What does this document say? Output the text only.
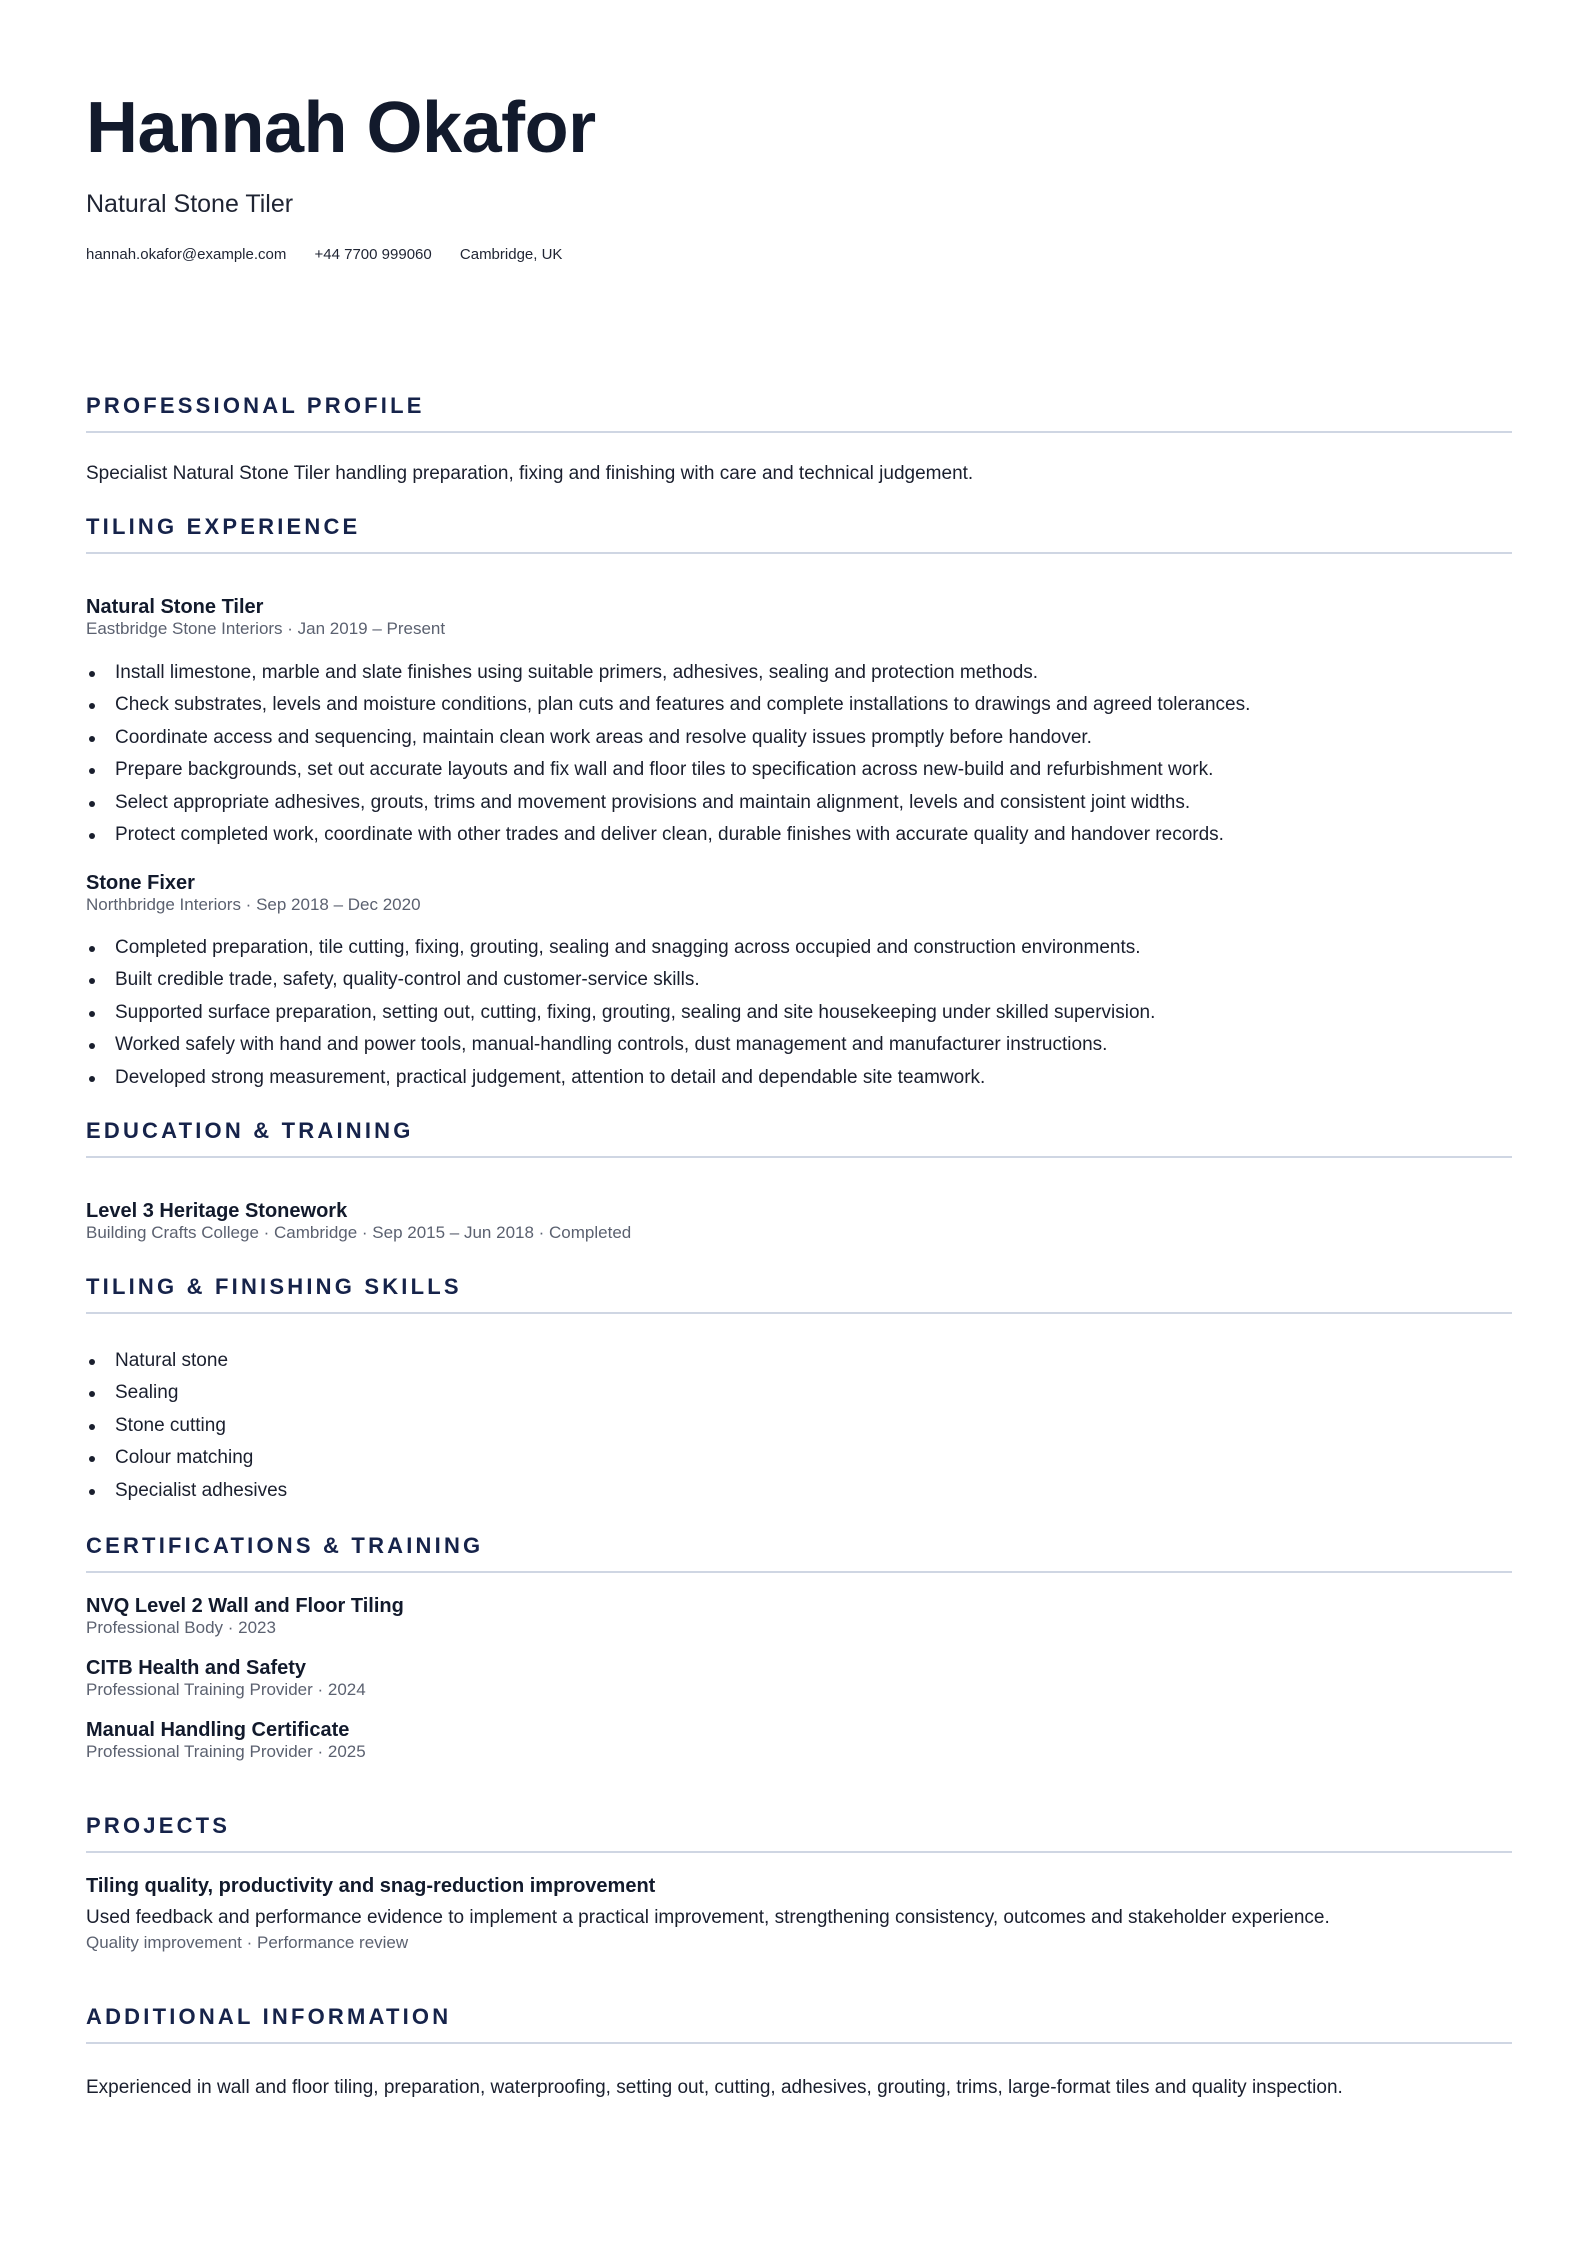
Hannah Okafor
Natural Stone Tiler
hannah.okafor@example.com +44 7700 999060 Cambridge, UK
PROFESSIONAL PROFILE
Specialist Natural Stone Tiler handling preparation, fixing and finishing with care and technical judgement.
TILING EXPERIENCE
Natural Stone Tiler
Eastbridge Stone Interiors · Jan 2019 – Present
Install limestone, marble and slate finishes using suitable primers, adhesives, sealing and protection methods.
Check substrates, levels and moisture conditions, plan cuts and features and complete installations to drawings and agreed tolerances.
Coordinate access and sequencing, maintain clean work areas and resolve quality issues promptly before handover.
Prepare backgrounds, set out accurate layouts and fix wall and floor tiles to specification across new-build and refurbishment work.
Select appropriate adhesives, grouts, trims and movement provisions and maintain alignment, levels and consistent joint widths.
Protect completed work, coordinate with other trades and deliver clean, durable finishes with accurate quality and handover records.
Stone Fixer
Northbridge Interiors · Sep 2018 – Dec 2020
Completed preparation, tile cutting, fixing, grouting, sealing and snagging across occupied and construction environments.
Built credible trade, safety, quality-control and customer-service skills.
Supported surface preparation, setting out, cutting, fixing, grouting, sealing and site housekeeping under skilled supervision.
Worked safely with hand and power tools, manual-handling controls, dust management and manufacturer instructions.
Developed strong measurement, practical judgement, attention to detail and dependable site teamwork.
EDUCATION & TRAINING
Level 3 Heritage Stonework
Building Crafts College · Cambridge · Sep 2015 – Jun 2018 · Completed
TILING & FINISHING SKILLS
Natural stone
Sealing
Stone cutting
Colour matching
Specialist adhesives
CERTIFICATIONS & TRAINING
NVQ Level 2 Wall and Floor Tiling
Professional Body · 2023
CITB Health and Safety
Professional Training Provider · 2024
Manual Handling Certificate
Professional Training Provider · 2025
PROJECTS
Tiling quality, productivity and snag-reduction improvement
Used feedback and performance evidence to implement a practical improvement, strengthening consistency, outcomes and stakeholder experience.
Quality improvement · Performance review
ADDITIONAL INFORMATION
Experienced in wall and floor tiling, preparation, waterproofing, setting out, cutting, adhesives, grouting, trims, large-format tiles and quality inspection.
